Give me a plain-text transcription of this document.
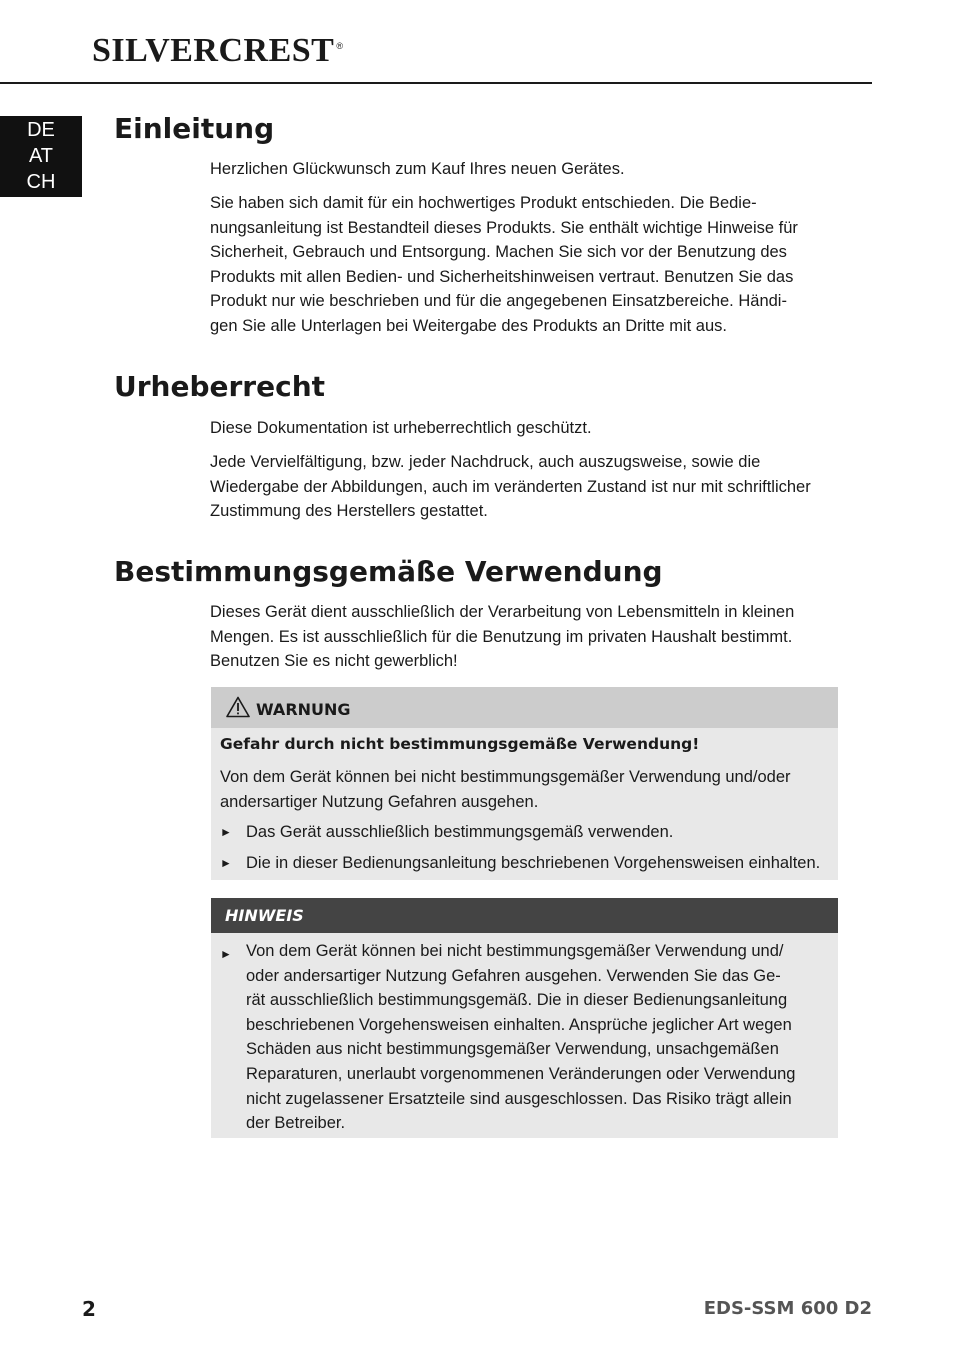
SILVERCREST ®
DE
AT
CH
Einleitung

Herzlichen Glückwunsch zum Kauf Ihres neuen Gerätes.

Sie haben sich damit für ein hochwertiges Produkt entschieden. Die Bedie-
nungsanleitung ist Bestandteil dieses Produkts. Sie enthält wichtige Hinweise für
Sicherheit, Gebrauch und Entsorgung. Machen Sie sich vor der Benutzung des
Produkts mit allen Bedien- und Sicherheitshinweisen vertraut. Benutzen Sie das
Produkt nur wie beschrieben und für die angegebenen Einsatzbereiche. Händi-
gen Sie alle Unterlagen bei Weitergabe des Produkts an Dritte mit aus.
Urheberrecht

Diese Dokumentation ist urheberrechtlich geschützt.

Jede Vervielfältigung, bzw. jeder Nachdruck, auch auszugsweise, sowie die
Wiedergabe der Abbildungen, auch im veränderten Zustand ist nur mit schriftlicher
Zustimmung des Herstellers gestattet.
Bestimmungsgemäße Verwendung
Dieses Gerät dient ausschließlich der Verarbeitung von Lebensmitteln in kleinen
Mengen. Es ist ausschließlich für die Benutzung im privaten Haushalt bestimmt.
Benutzen Sie es nicht gewerblich!
WARNUNG
Gefahr durch nicht bestimmungsgemäße Verwendung!
Von dem Gerät können bei nicht bestimmungsgemäßer Verwendung und/oder
andersartiger Nutzung Gefahren ausgehen.
► Das Gerät ausschließlich bestimmungsgemäß verwenden.
► Die in dieser Bedienungsanleitung beschriebenen Vorgehensweisen einhalten.
HINWEIS
► Von dem Gerät können bei nicht bestimmungsgemäßer Verwendung und/
oder andersartiger Nutzung Gefahren ausgehen. Verwenden Sie das Ge-
rät ausschließlich bestimmungsgemäß. Die in dieser Bedienungsanleitung
beschriebenen Vorgehensweisen einhalten. Ansprüche jeglicher Art wegen
Schäden aus nicht bestimmungsgemäßer Verwendung, unsachgemäßen
Reparaturen, unerlaubt vorgenommenen Veränderungen oder Verwendung
nicht zugelassener Ersatzteile sind ausgeschlossen. Das Risiko trägt allein
der Betreiber.
2	EDS-SSM 600 D2
